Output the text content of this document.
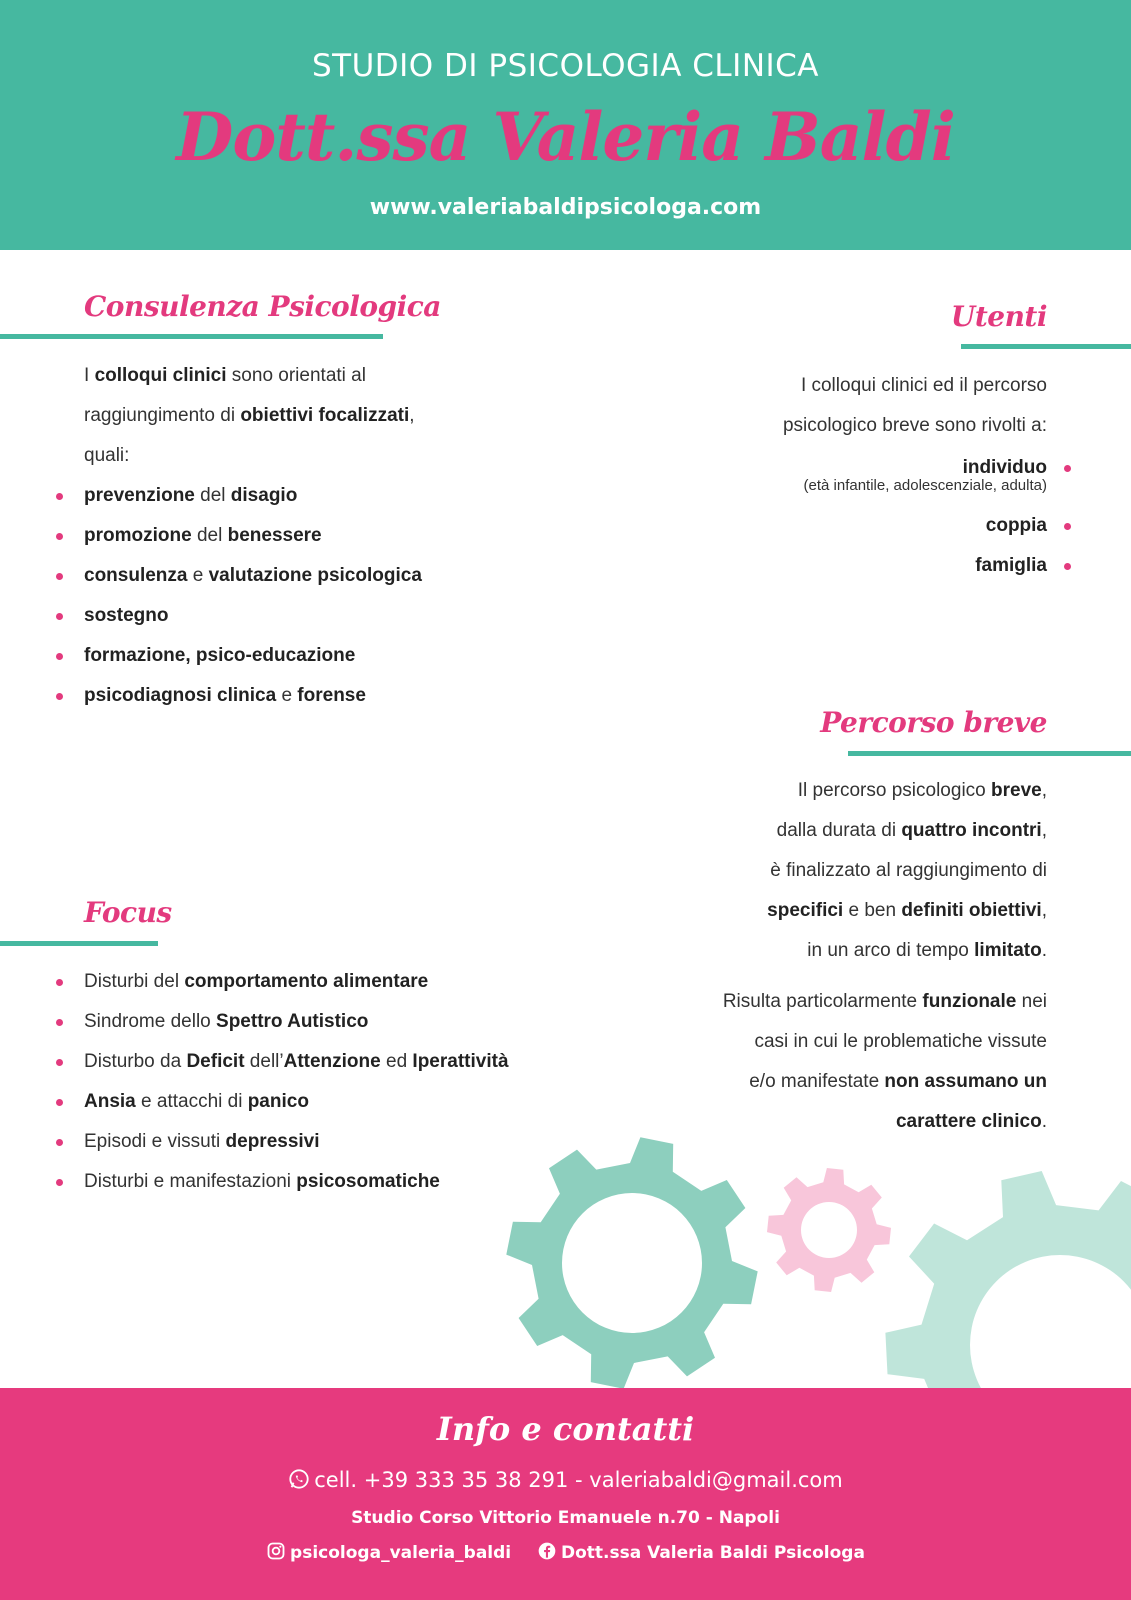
STUDIO DI PSICOLOGIA CLINICA
Dott.ssa Valeria Baldi
www.valeriabaldipsicologa.com
Consulenza Psicologica
I colloqui clinici sono orientati al
raggiungimento di obiettivi focalizzati,
quali:
prevenzione del disagio
promozione del benessere
consulenza e valutazione psicologica
sostegno
formazione, psico-educazione
psicodiagnosi clinica e forense
Utenti
I colloqui clinici ed il percorso
psicologico breve sono rivolti a:
individuo
(età infantile, adolescenziale, adulta)
coppia
famiglia
Percorso breve
Il percorso psicologico breve,
dalla durata di quattro incontri,
è finalizzato al raggiungimento di
specifici e ben definiti obiettivi,
in un arco di tempo limitato.
Risulta particolarmente funzionale nei
casi in cui le problematiche vissute
e/o manifestate non assumano un
carattere clinico.
Focus
Disturbi del comportamento alimentare
Sindrome dello Spettro Autistico
Disturbo da Deficit dell’Attenzione ed Iperattività
Ansia e attacchi di panico
Episodi e vissuti depressivi
Disturbi e manifestazioni psicosomatiche
Info e contatti
cell. +39 333 35 38 291 - valeriabaldi@gmail.com
Studio Corso Vittorio Emanuele n.70 - Napoli
psicologa_valeria_baldi	Dott.ssa Valeria Baldi Psicologa
